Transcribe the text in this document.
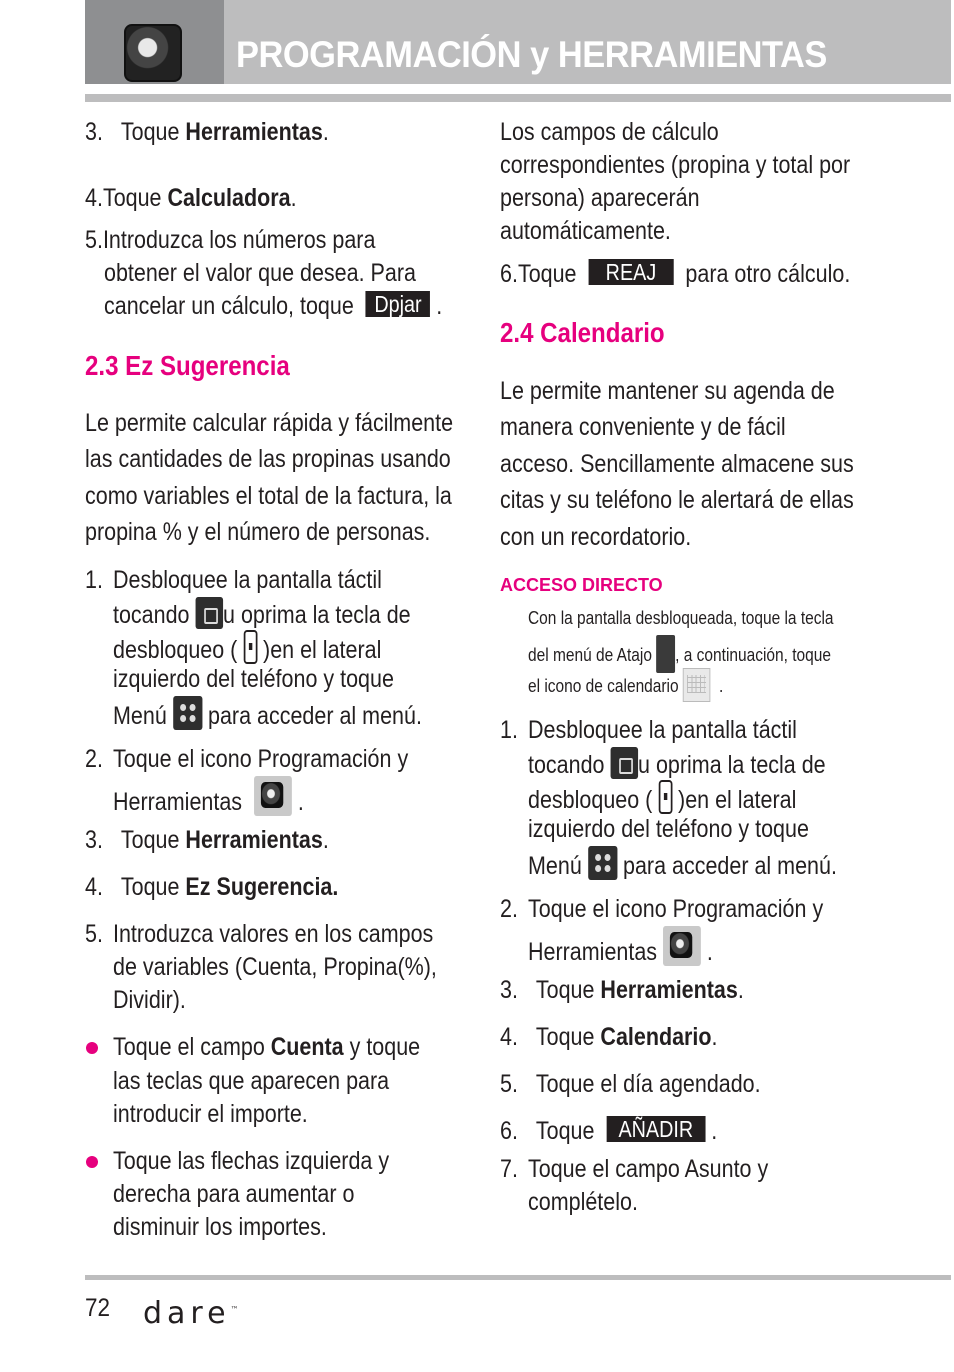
PROGRAMACIÓN y HERRAMIENTAS
3. Toque Herramientas.
4.Toque Calculadora.
5.Introduzca los números para
obtener el valor que desea. Para
cancelar un cálculo, toque Dpjar .
2.3 Ez Sugerencia
Le permite calcular rápida y fácilmente
las cantidades de las propinas usando
como variables el total de la factura, la
propina % y el número de personas.
1. Desbloquee la pantalla táctil
tocando u oprima la tecla de
desbloqueo ( )en el lateral
izquierdo del teléfono y toque
Menú para acceder al menú.
2. Toque el icono Programación y
Herramientas .
3. Toque Herramientas.
4. Toque Ez Sugerencia.
5. Introduzca valores en los campos
de variables (Cuenta, Propina(%),
Dividir).
Toque el campo Cuenta y toque
las teclas que aparecen para
introducir el importe.
Toque las flechas izquierda y
derecha para aumentar o
disminuir los importes.
Los campos de cálculo
correspondientes (propina y total por
persona) aparecerán
automáticamente.
6.Toque REAJ para otro cálculo.
2.4 Calendario
Le permite mantener su agenda de
manera conveniente y de fácil
acceso. Sencillamente almacene sus
citas y su teléfono le alertará de ellas
con un recordatorio.
ACCESO DIRECTO
Con la pantalla desbloqueada, toque la tecla
del menú de Atajo , a continuación, toque
el icono de calendario .
1. Desbloquee la pantalla táctil
tocando u oprima la tecla de
desbloqueo ( )en el lateral
izquierdo del teléfono y toque
Menú para acceder al menú.
2. Toque el icono Programación y
Herramientas .
3. Toque Herramientas.
4. Toque Calendario.
5. Toque el día agendado.
6. Toque AÑADIR .
7. Toque el campo Asunto y
complételo.
72 dare™
